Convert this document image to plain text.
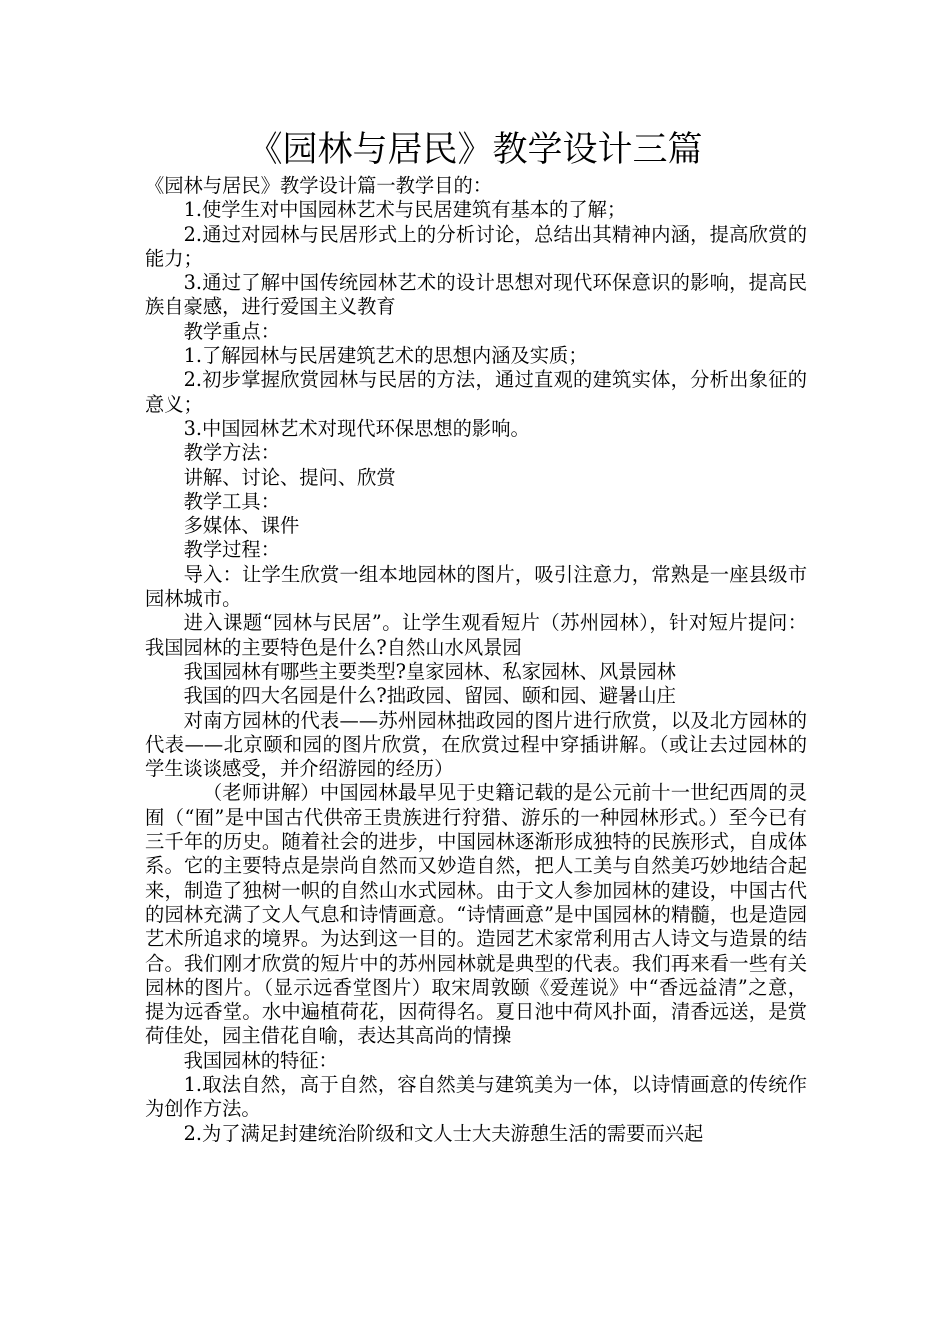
《园林与居民》教学设计三篇

《园林与居民》教学设计篇一教学目的：

1.使学生对中国园林艺术与民居建筑有基本的了解；

2.通过对园林与民居形式上的分析讨论，总结出其精神内涵，提高欣赏的能力；

3.通过了解中国传统园林艺术的设计思想对现代环保意识的影响，提高民族自豪感，进行爱国主义教育

教学重点：

1.了解园林与民居建筑艺术的思想内涵及实质；

2.初步掌握欣赏园林与民居的方法，通过直观的建筑实体，分析出象征的意义；

3.中国园林艺术对现代环保思想的影响。

教学方法：

讲解、讨论、提问、欣赏

教学工具：

多媒体、课件

教学过程：

导入：让学生欣赏一组本地园林的图片，吸引注意力，常熟是一座县级市园林城市。

进入课题“园林与民居”。让学生观看短片（苏州园林），针对短片提问：我国园林的主要特色是什么?自然山水风景园

我国园林有哪些主要类型?皇家园林、私家园林、风景园林

我国的四大名园是什么?拙政园、留园、颐和园、避暑山庄

对南方园林的代表——苏州园林拙政园的图片进行欣赏，以及北方园林的代表——北京颐和园的图片欣赏，在欣赏过程中穿插讲解。（或让去过园林的学生谈谈感受，并介绍游园的经历）

（老师讲解）中国园林最早见于史籍记载的是公元前十一世纪西周的灵囿（“囿”是中国古代供帝王贵族进行狩猎、游乐的一种园林形式。）至今已有三千年的历史。随着社会的进步，中国园林逐渐形成独特的民族形式，自成体系。它的主要特点是崇尚自然而又妙造自然，把人工美与自然美巧妙地结合起来，制造了独树一帜的自然山水式园林。由于文人参加园林的建设，中国古代的园林充满了文人气息和诗情画意。“诗情画意”是中国园林的精髓，也是造园艺术所追求的境界。为达到这一目的。造园艺术家常利用古人诗文与造景的结合。我们刚才欣赏的短片中的苏州园林就是典型的代表。我们再来看一些有关园林的图片。（显示远香堂图片）取宋周敦颐《爱莲说》中“香远益清”之意，提为远香堂。水中遍植荷花，因荷得名。夏日池中荷风扑面，清香远送，是赏荷佳处，园主借花自喻，表达其高尚的情操

我国园林的特征：

1.取法自然，高于自然，容自然美与建筑美为一体，以诗情画意的传统作为创作方法。

2.为了满足封建统治阶级和文人士大夫游憩生活的需要而兴起
